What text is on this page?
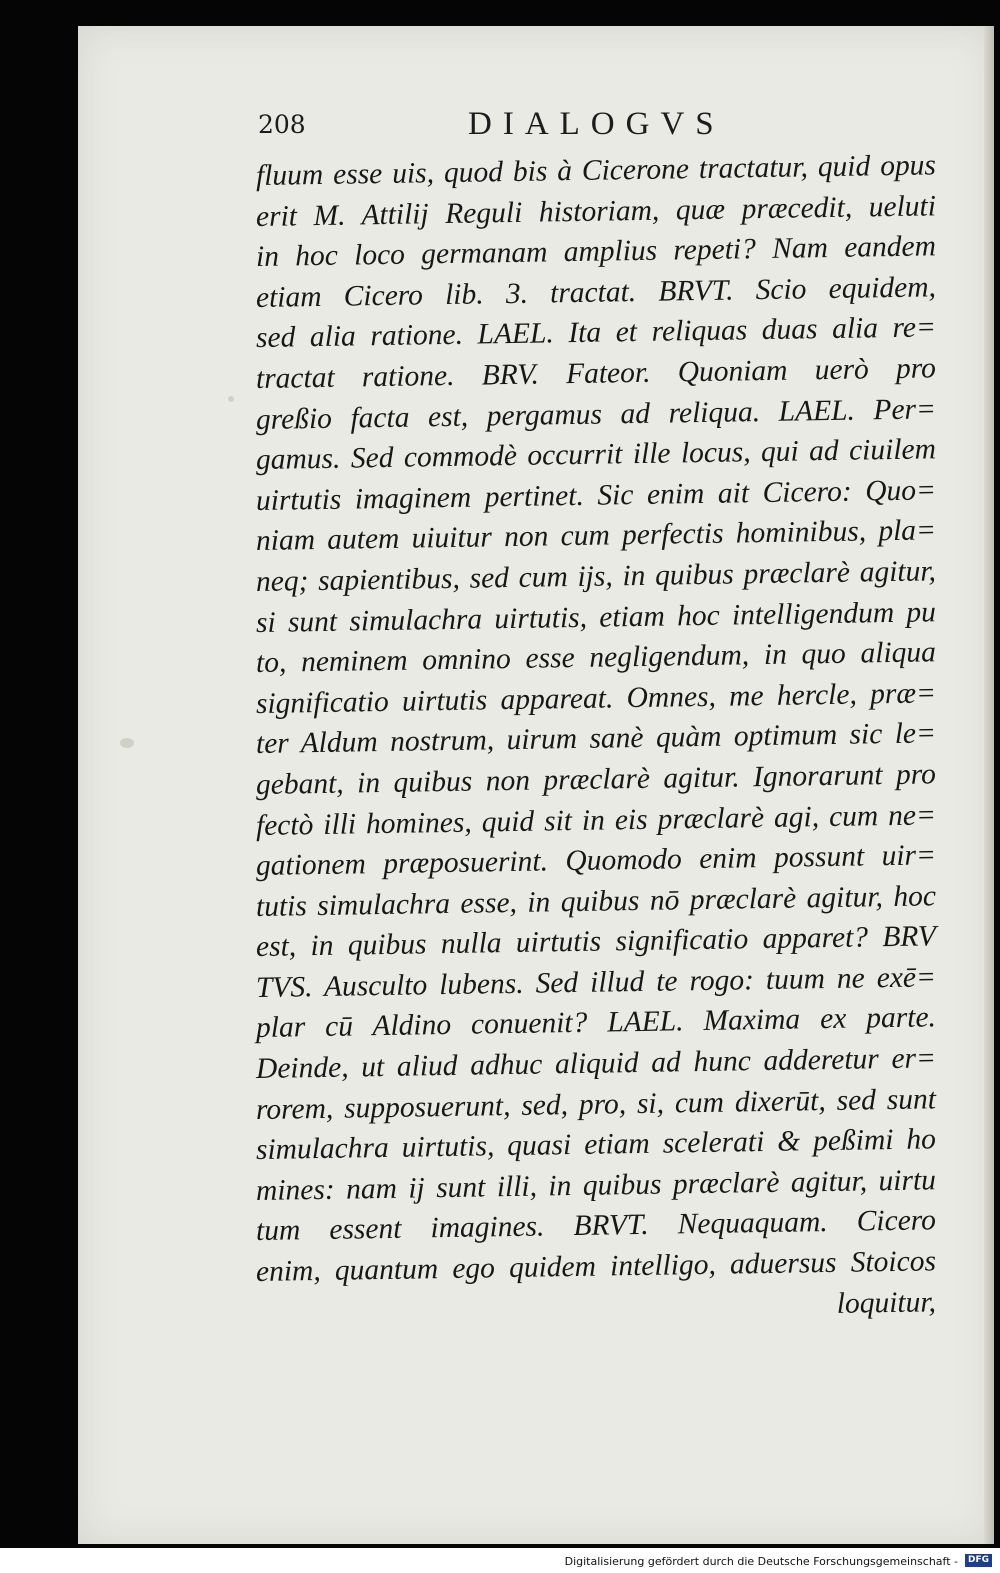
208	DIALOGVS
fluum esse uis, quod bis à Cicerone tractatur, quid opus
erit M. Attilij Reguli historiam, quæ præcedit, ueluti
in hoc loco germanam amplius repeti? Nam eandem
etiam Cicero lib. 3. tractat. BRVT. Scio equidem,
sed alia ratione. LAEL. Ita et reliquas duas alia re=
tractat ratione. BRV. Fateor. Quoniam uerò pro
greßio facta est, pergamus ad reliqua. LAEL. Per=
gamus. Sed commodè occurrit ille locus, qui ad ciuilem
uirtutis imaginem pertinet. Sic enim ait Cicero: Quo=
niam autem uiuitur non cum perfectis hominibus, pla=
neq; sapientibus, sed cum ijs, in quibus præclarè agitur,
si sunt simulachra uirtutis, etiam hoc intelligendum pu
to, neminem omnino esse negligendum, in quo aliqua
significatio uirtutis appareat. Omnes, me hercle, præ=
ter Aldum nostrum, uirum sanè quàm optimum sic le=
gebant, in quibus non præclarè agitur. Ignorarunt pro
fectò illi homines, quid sit in eis præclarè agi, cum ne=
gationem præposuerint. Quomodo enim possunt uir=
tutis simulachra esse, in quibus nō præclarè agitur, hoc
est, in quibus nulla uirtutis significatio apparet? BRV
TVS. Ausculto lubens. Sed illud te rogo: tuum ne exē=
plar cū Aldino conuenit? LAEL. Maxima ex parte.
Deinde, ut aliud adhuc aliquid ad hunc adderetur er=
rorem, supposuerunt, sed, pro, si, cum dixerūt, sed sunt
simulachra uirtutis, quasi etiam scelerati & peßimi ho
mines: nam ij sunt illi, in quibus præclarè agitur, uirtu
tum essent imagines. BRVT. Nequaquam. Cicero
enim, quantum ego quidem intelligo, aduersus Stoicos
loquitur,
Digitalisierung gefördert durch die Deutsche Forschungsgemeinschaft -	DFG
